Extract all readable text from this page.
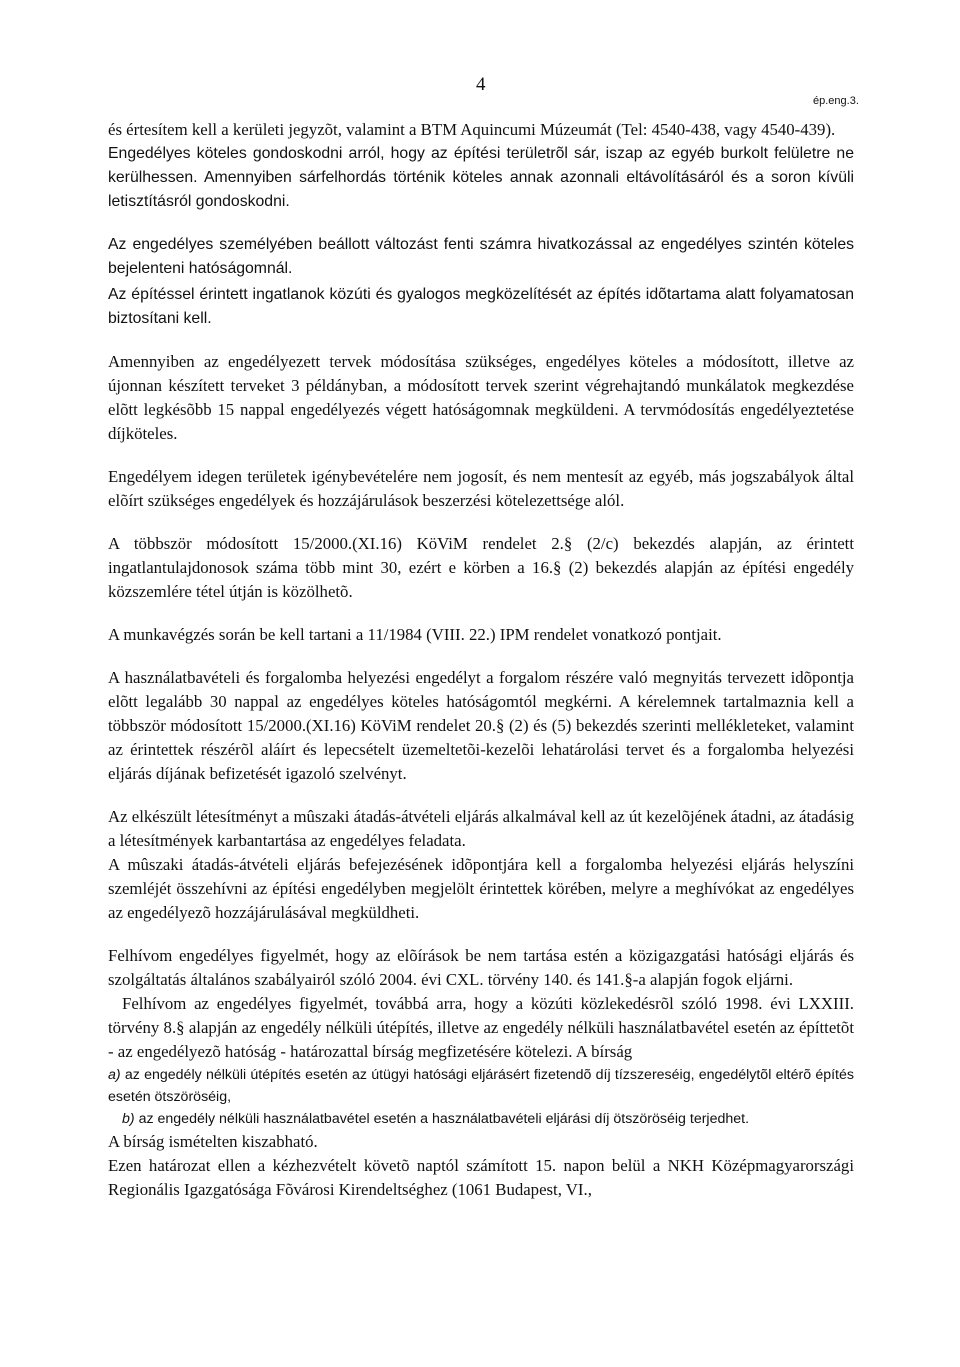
4
ép.eng.3.

és értesítem kell a kerületi jegyzõt, valamint a BTM Aquincumi Múzeumát (Tel: 4540-438, vagy 4540-439).

Engedélyes köteles gondoskodni arról, hogy az építési területrõl sár, iszap az egyéb burkolt felületre ne kerülhessen. Amennyiben sárfelhordás történik köteles annak azonnali eltávolításáról és a soron kívüli letisztításról gondoskodni.

Az engedélyes személyében beállott változást fenti számra hivatkozással az engedélyes szintén köteles bejelenteni hatóságomnál.

Az építéssel érintett ingatlanok közúti és gyalogos megközelítését az építés idõtartama alatt folyamatosan biztosítani kell.

Amennyiben az engedélyezett tervek módosítása szükséges, engedélyes köteles a módosított, illetve az újonnan készített terveket 3 példányban, a módosított tervek szerint végrehajtandó munkálatok megkezdése elõtt legkésõbb 15 nappal engedélyezés végett hatóságomnak megküldeni. A tervmódosítás engedélyeztetése díjköteles.

Engedélyem idegen területek igénybevételére nem jogosít, és nem mentesít az egyéb, más jogszabályok által elõírt szükséges engedélyek és hozzájárulások beszerzési kötelezettsége alól.

A többször módosított 15/2000.(XI.16) KöViM rendelet 2.§ (2/c) bekezdés alapján, az érintett ingatlantulajdonosok száma több mint 30, ezért e körben a 16.§ (2) bekezdés alapján az építési engedély közszemlére tétel útján is közölhetõ.

A munkavégzés során be kell tartani a 11/1984 (VIII. 22.) IPM rendelet vonatkozó pontjait.

A használatbavételi és forgalomba helyezési engedélyt a forgalom részére való megnyitás tervezett idõpontja elõtt legalább 30 nappal az engedélyes köteles hatóságomtól megkérni. A kérelemnek tartalmaznia kell a többször módosított 15/2000.(XI.16) KöViM rendelet 20.§ (2) és (5) bekezdés szerinti mellékleteket, valamint az érintettek részérõl aláírt és lepecsételt üzemeltetõi-kezelõi lehatárolási tervet és a forgalomba helyezési eljárás díjának befizetését igazoló szelvényt.

Az elkészült létesítményt a mûszaki átadás-átvételi eljárás alkalmával kell az út kezelõjének átadni, az átadásig a létesítmények karbantartása az engedélyes feladata.

A mûszaki átadás-átvételi eljárás befejezésének idõpontjára kell a forgalomba helyezési eljárás helyszíni szemléjét összehívni az építési engedélyben megjelölt érintettek körében, melyre a meghívókat az engedélyes az engedélyezõ hozzájárulásával megküldheti.

Felhívom engedélyes figyelmét, hogy az elõírások be nem tartása estén a közigazgatási hatósági eljárás és szolgáltatás általános szabályairól szóló 2004. évi CXL. törvény 140. és 141.§-a alapján fogok eljárni.

Felhívom az engedélyes figyelmét, továbbá arra, hogy a közúti közlekedésrõl szóló 1998. évi LXXIII. törvény 8.§ alapján az engedély nélküli útépítés, illetve az engedély nélküli használatbavétel esetén az építtetõt - az engedélyezõ hatóság - határozattal bírság megfizetésére kötelezi. A bírság

a) az engedély nélküli útépítés esetén az útügyi hatósági eljárásért fizetendõ díj tízszereséig, engedélytõl eltérõ építés esetén ötszöröséig,

b) az engedély nélküli használatbavétel esetén a használatbavételi eljárási díj ötszöröséig terjedhet.

A bírság ismételten kiszabható.

Ezen határozat ellen a kézhezvételt követõ naptól számított 15. napon belül a NKH Középmagyarországi Regionális Igazgatósága Fõvárosi Kirendeltséghez (1061 Budapest, VI.,
